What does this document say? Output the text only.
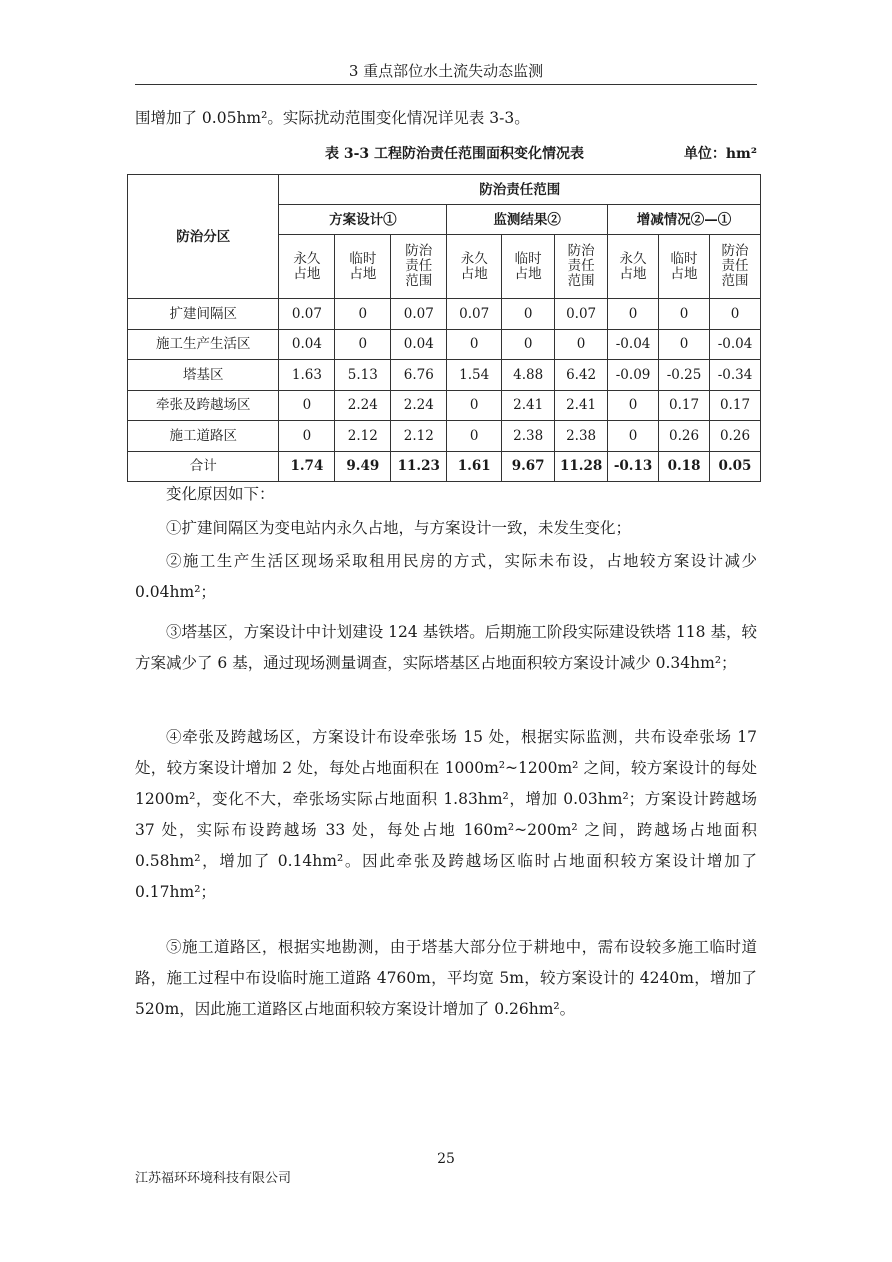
3 重点部位水土流失动态监测

围增加了 0.05hm²。实际扰动范围变化情况详见表 3-3。

表 3-3 工程防治责任范围面积变化情况表	单位：hm²
防治分区	防治责任范围								
	方案设计①			监测结果②			增减情况②—①		
	永久占地	临时占地	防治责任范围	永久占地	临时占地	防治责任范围	永久占地	临时占地	防治责任范围
扩建间隔区	0.07	0	0.07	0.07	0	0.07	0	0	0
施工生产生活区	0.04	0	0.04	0	0	0	-0.04	0	-0.04
塔基区	1.63	5.13	6.76	1.54	4.88	6.42	-0.09	-0.25	-0.34
牵张及跨越场区	0	2.24	2.24	0	2.41	2.41	0	0.17	0.17
施工道路区	0	2.12	2.12	0	2.38	2.38	0	0.26	0.26
合计	1.74	9.49	11.23	1.61	9.67	11.28	-0.13	0.18	0.05

变化原因如下：

①扩建间隔区为变电站内永久占地，与方案设计一致，未发生变化；

②施工生产生活区现场采取租用民房的方式，实际未布设，占地较方案设计减少 0.04hm²；

③塔基区，方案设计中计划建设 124 基铁塔。后期施工阶段实际建设铁塔 118 基，较方案减少了 6 基，通过现场测量调查，实际塔基区占地面积较方案设计减少 0.34hm²；

④牵张及跨越场区，方案设计布设牵张场 15 处，根据实际监测，共布设牵张场 17 处，较方案设计增加 2 处，每处占地面积在 1000m²~1200m² 之间，较方案设计的每处 1200m²，变化不大，牵张场实际占地面积 1.83hm²，增加 0.03hm²；方案设计跨越场 37 处，实际布设跨越场 33 处，每处占地 160m²~200m² 之间，跨越场占地面积 0.58hm²，增加了 0.14hm²。因此牵张及跨越场区临时占地面积较方案设计增加了 0.17hm²；

⑤施工道路区，根据实地勘测，由于塔基大部分位于耕地中，需布设较多施工临时道路，施工过程中布设临时施工道路 4760m，平均宽 5m，较方案设计的 4240m，增加了 520m，因此施工道路区占地面积较方案设计增加了 0.26hm²。

25
江苏福环环境科技有限公司
